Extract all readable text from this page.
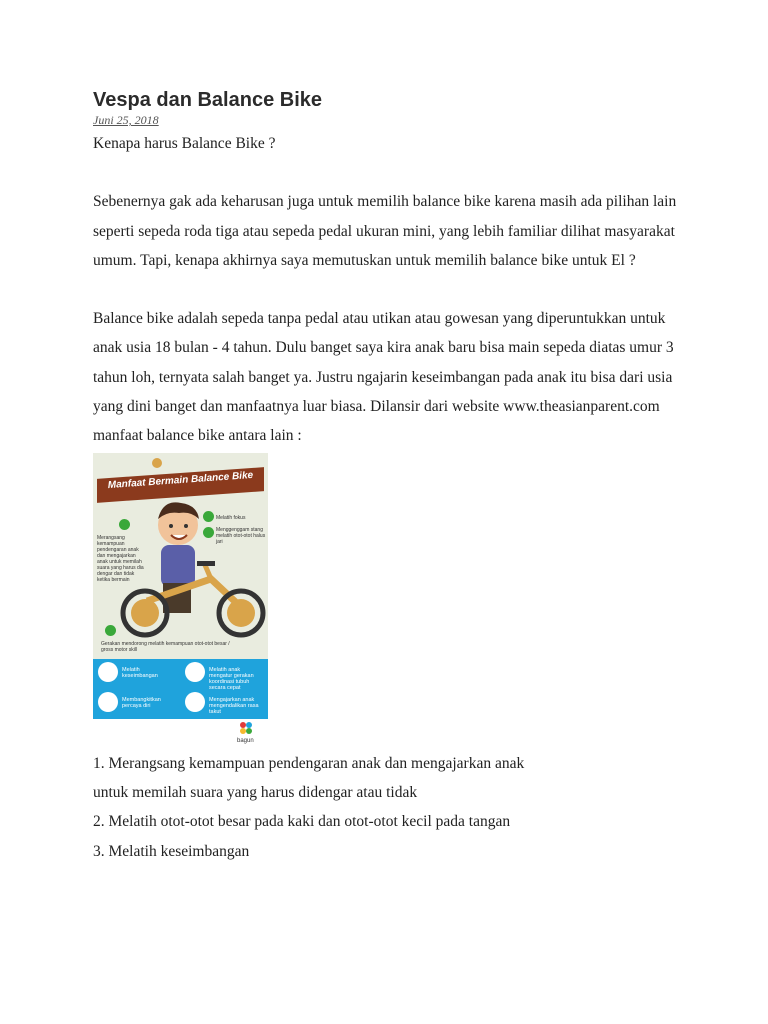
Vespa dan Balance Bike
Juni 25, 2018

Kenapa harus Balance Bike ?

Sebenernya gak ada keharusan juga untuk memilih balance bike karena masih ada pilihan lain seperti sepeda roda tiga atau sepeda pedal ukuran mini, yang lebih familiar dilihat masyarakat umum. Tapi, kenapa akhirnya saya memutuskan untuk memilih balance bike untuk El ?

Balance bike adalah sepeda tanpa pedal atau utikan atau gowesan yang diperuntukkan untuk anak usia 18 bulan - 4 tahun. Dulu banget saya kira anak baru bisa main sepeda diatas umur 3 tahun loh, ternyata salah banget ya. Justru ngajarin keseimbangan pada anak itu bisa dari usia yang dini banget dan manfaatnya luar biasa. Dilansir dari website www.theasianparent.com manfaat balance bike antara lain :

Manfaat Bermain Balance Bike
Merangsang kemampuan pendengaran anak dan mengajarkan anak untuk memilah suara yang harus dia dengar dan tidak ketika bermain
Melatih fokus
Menggenggam stang melatih otot-otot halus jari
Gerakan mendorong melatih kemampuan otot-otot besar / gross motor skill
Melatih keseimbangan
Melatih anak mengatur gerakan koordinasi tubuh secara cepat
Membangkitkan percaya diri
Mengajarkan anak mengendalikan rasa takut
bagun

1. Merangsang kemampuan pendengaran anak dan mengajarkan anak

untuk memilah suara yang harus didengar atau tidak

2. Melatih otot-otot besar pada kaki dan otot-otot kecil pada tangan

3. Melatih keseimbangan
